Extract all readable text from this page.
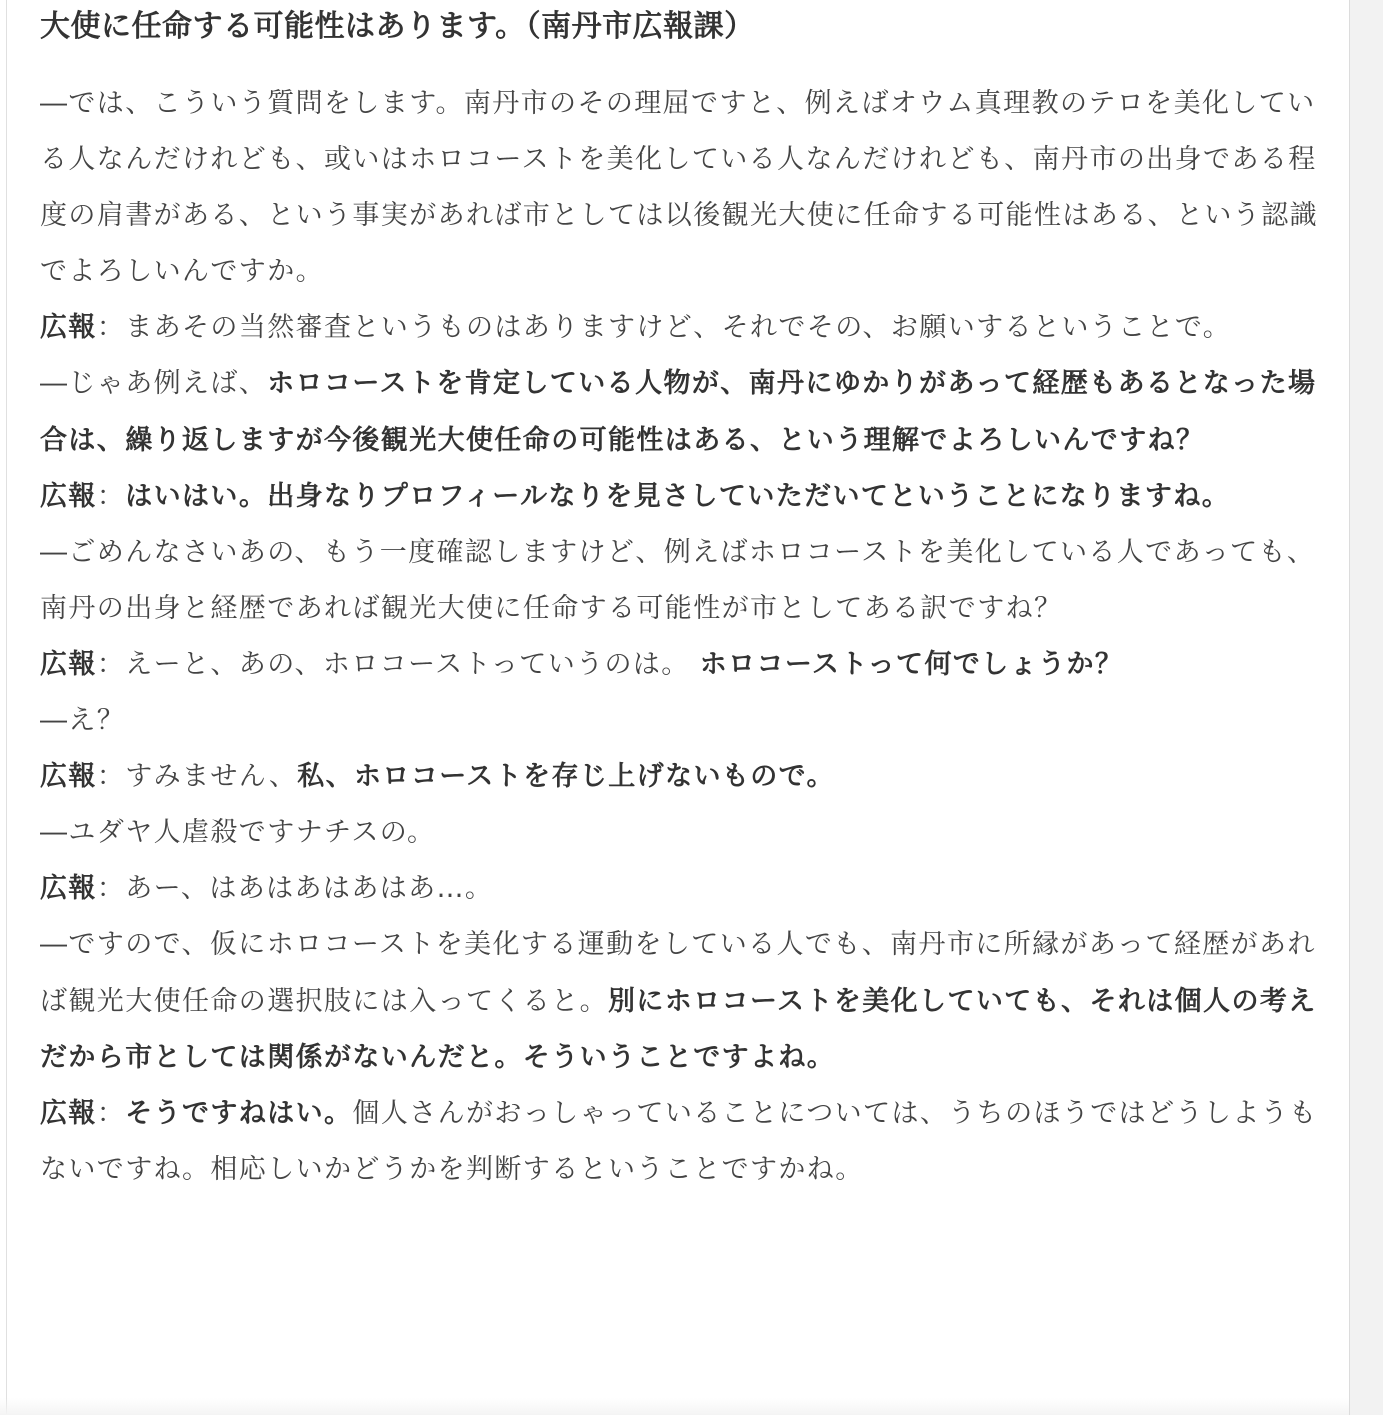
大使に任命する可能性はあります。（南丹市広報課）

―では、こういう質問をします。南丹市のその理屈ですと、例えばオウム真理教のテロを美化している人なんだけれども、或いはホロコーストを美化している人なんだけれども、南丹市の出身である程度の肩書がある、という事実があれば市としては以後観光大使に任命する可能性はある、という認識でよろしいんですか。

広報：まあその当然審査というものはありますけど、それでその、お願いするということで。

―じゃあ例えば、ホロコーストを肯定している人物が、南丹にゆかりがあって経歴もあるとなった場合は、繰り返しますが今後観光大使任命の可能性はある、という理解でよろしいんですね？

広報：はいはい。出身なりプロフィールなりを見さしていただいてということになりますね。

―ごめんなさいあの、もう一度確認しますけど、例えばホロコーストを美化している人であっても、南丹の出身と経歴であれば観光大使に任命する可能性が市としてある訳ですね？

広報：えーと、あの、ホロコーストっていうのは。 ホロコーストって何でしょうか？

―え？

広報：すみません、私、ホロコーストを存じ上げないもので。

―ユダヤ人虐殺ですナチスの。

広報：あー、はあはあはあはあ…。

―ですので、仮にホロコーストを美化する運動をしている人でも、南丹市に所縁があって経歴があれば観光大使任命の選択肢には入ってくると。別にホロコーストを美化していても、それは個人の考えだから市としては関係がないんだと。そういうことですよね。

広報：そうですねはい。個人さんがおっしゃっていることについては、うちのほうではどうしようもないですね。相応しいかどうかを判断するということですかね。
